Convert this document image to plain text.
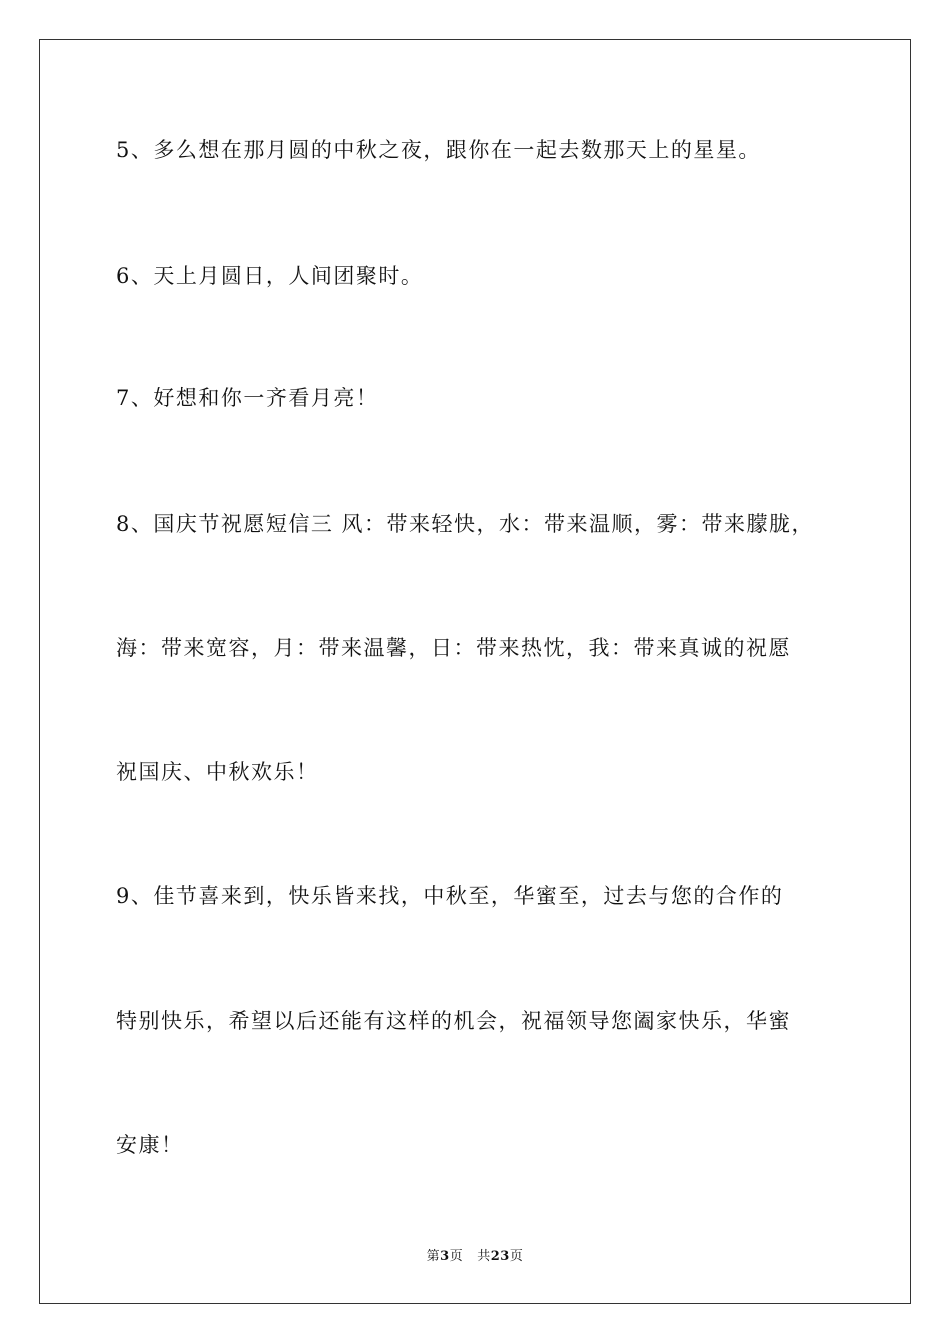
5、多么想在那月圆的中秋之夜，跟你在一起去数那天上的星星。
6、天上月圆日，人间团聚时。
7、好想和你一齐看月亮！
8、国庆节祝愿短信三 风：带来轻快，水：带来温顺，雾：带来朦胧，
海：带来宽容，月：带来温馨，日：带来热忱，我：带来真诚的祝愿
祝国庆、中秋欢乐！
9、佳节喜来到，快乐皆来找，中秋至，华蜜至，过去与您的合作的
特别快乐，希望以后还能有这样的机会，祝福领导您阖家快乐，华蜜
安康！
第3页 共23页
